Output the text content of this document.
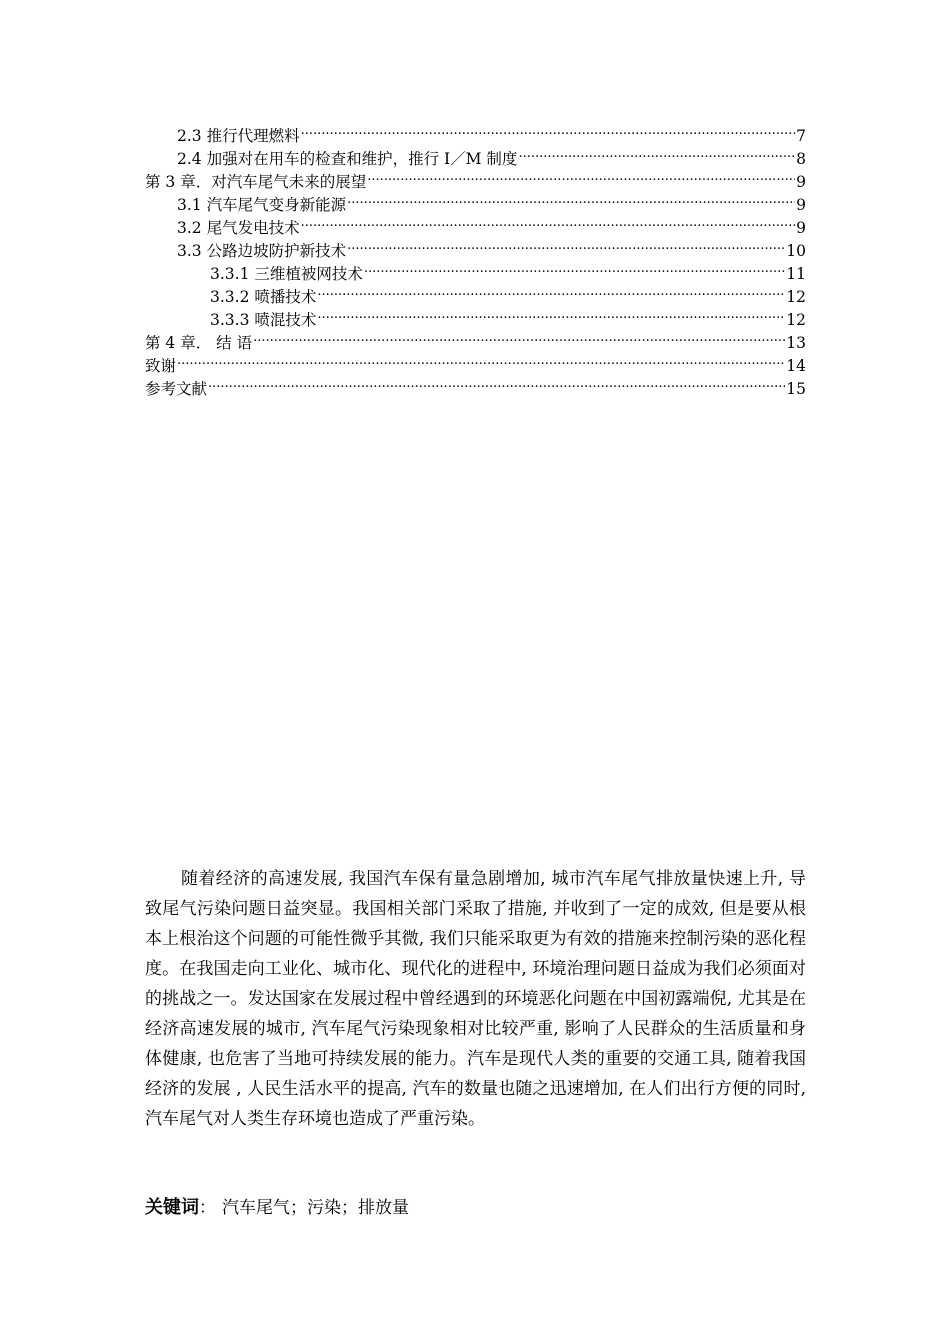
2.3 推行代理燃料 .....	7
2.4 加强对在用车的检查和维护，推行 I／M 制度 .....	8
第 3 章．对汽车尾气未来的展望 .....	9
3.1 汽车尾气变身新能源 .....	9
3.2 尾气发电技术 .....	9
3.3 公路边坡防护新技术 .....	10
3.3.1 三维植被网技术 .....	11
3.3.2 喷播技术 .....	12
3.3.3 喷混技术 .....	12
第 4 章． 结 语 .....	13
致谢 .....	14
参考文献 .....	15

随着经济的高速发展, 我国汽车保有量急剧增加, 城市汽车尾气排放量快速上升, 导致尾气污染问题日益突显。我国相关部门采取了措施, 并收到了一定的成效, 但是要从根本上根治这个问题的可能性微乎其微, 我们只能采取更为有效的措施来控制污染的恶化程度。在我国走向工业化、城市化、现代化的进程中, 环境治理问题日益成为我们必须面对的挑战之一。发达国家在发展过程中曾经遇到的环境恶化问题在中国初露端倪, 尤其是在经济高速发展的城市, 汽车尾气污染现象相对比较严重, 影响了人民群众的生活质量和身体健康, 也危害了当地可持续发展的能力。汽车是现代人类的重要的交通工具, 随着我国经济的发展 , 人民生活水平的提高, 汽车的数量也随之迅速增加, 在人们出行方便的同时, 汽车尾气对人类生存环境也造成了严重污染。

关键词： 汽车尾气；污染；排放量
